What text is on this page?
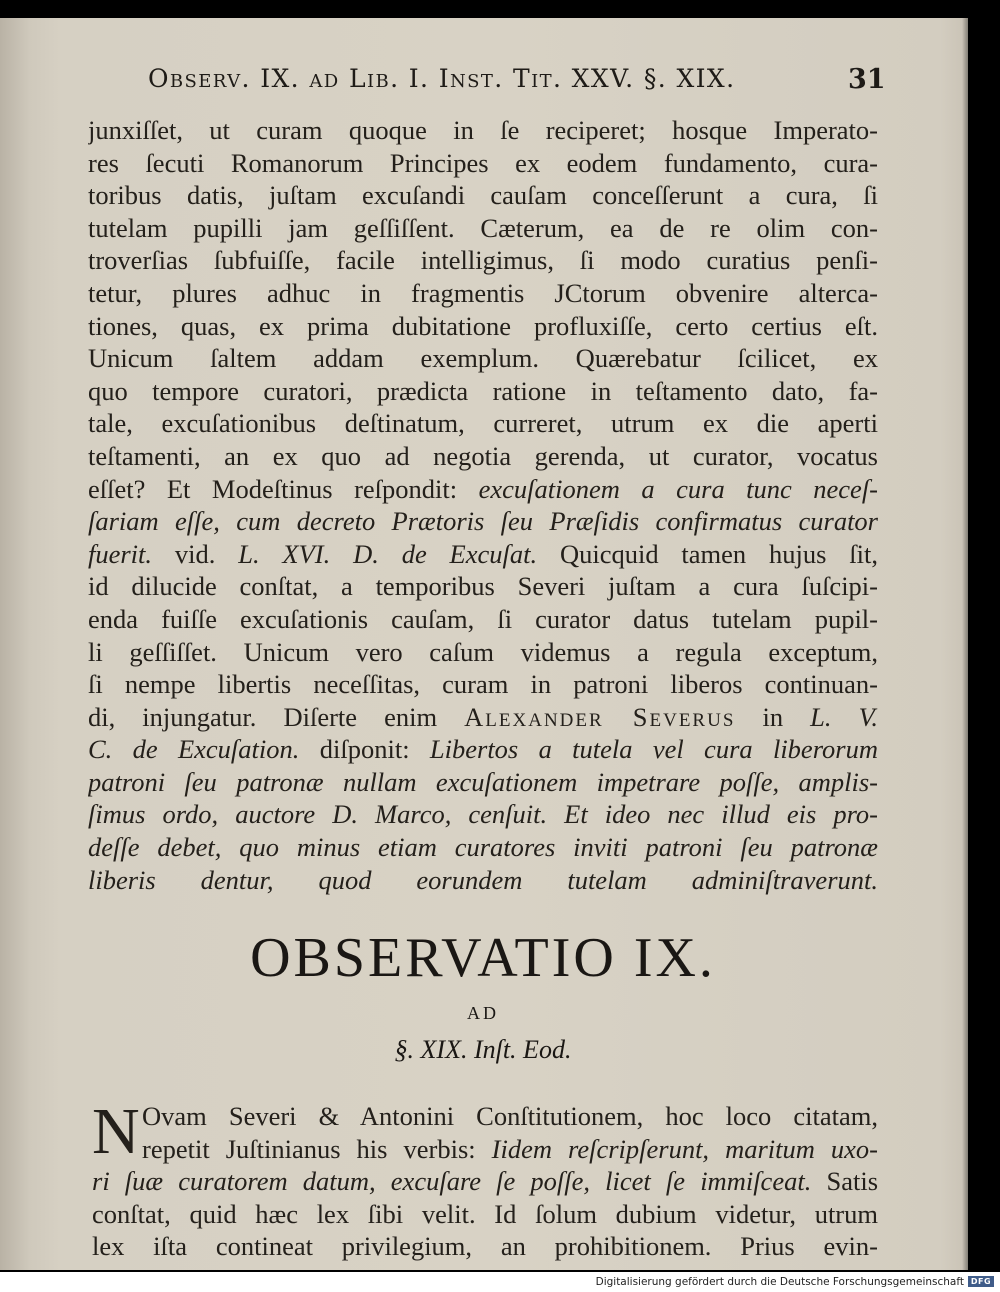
Observ. IX. ad Lib. I. Inst. Tit. XXV. §. XIX.	31
junxiſſet, ut curam quoque in ſe reciperet; hosque Imperato-
res ſecuti Romanorum Principes ex eodem fundamento, cura-
toribus datis, juſtam excuſandi cauſam conceſſerunt a cura, ſi
tutelam pupilli jam geſſiſſent. Cæterum, ea de re olim con-
troverſias ſubfuiſſe, facile intelligimus, ſi modo curatius penſi-
tetur, plures adhuc in fragmentis JCtorum obvenire alterca-
tiones, quas, ex prima dubitatione profluxiſſe, certo certius eſt.
Unicum ſaltem addam exemplum. Quærebatur ſcilicet, ex
quo tempore curatori, prædicta ratione in teſtamento dato, fa-
tale, excuſationibus deſtinatum, curreret, utrum ex die aperti
teſtamenti, an ex quo ad negotia gerenda, ut curator, vocatus
eſſet? Et Modeſtinus reſpondit: excuſationem a cura tunc neceſ-
ſariam eſſe, cum decreto Prætoris ſeu Præſidis confirmatus curator
fuerit. vid. L. XVI. D. de Excuſat. Quicquid tamen hujus ſit,
id dilucide conſtat, a temporibus Severi juſtam a cura ſuſcipi-
enda fuiſſe excuſationis cauſam, ſi curator datus tutelam pupil-
li geſſiſſet. Unicum vero caſum videmus a regula exceptum,
ſi nempe libertis neceſſitas, curam in patroni liberos continuan-
di, injungatur. Diſerte enim Alexander Severus in L. V.
C. de Excuſation. diſponit: Libertos a tutela vel cura liberorum
patroni ſeu patronæ nullam excuſationem impetrare poſſe, amplis-
ſimus ordo, auctore D. Marco, cenſuit. Et ideo nec illud eis pro-
deſſe debet, quo minus etiam curatores inviti patroni ſeu patronæ
liberis dentur, quod eorundem tutelam adminiſtraverunt.
OBSERVATIO IX.
AD
§. XIX. Inſt. Eod.
N Ovam Severi & Antonini Conſtitutionem, hoc loco citatam,
repetit Juſtinianus his verbis: Iidem reſcripſerunt, maritum uxo-
ri ſuæ curatorem datum, excuſare ſe poſſe, licet ſe immiſceat. Satis
conſtat, quid hæc lex ſibi velit. Id ſolum dubium videtur, utrum
lex iſta contineat privilegium, an prohibitionem. Prius evin-
Digitalisierung gefördert durch die Deutsche Forschungsgemeinschaft DFG
